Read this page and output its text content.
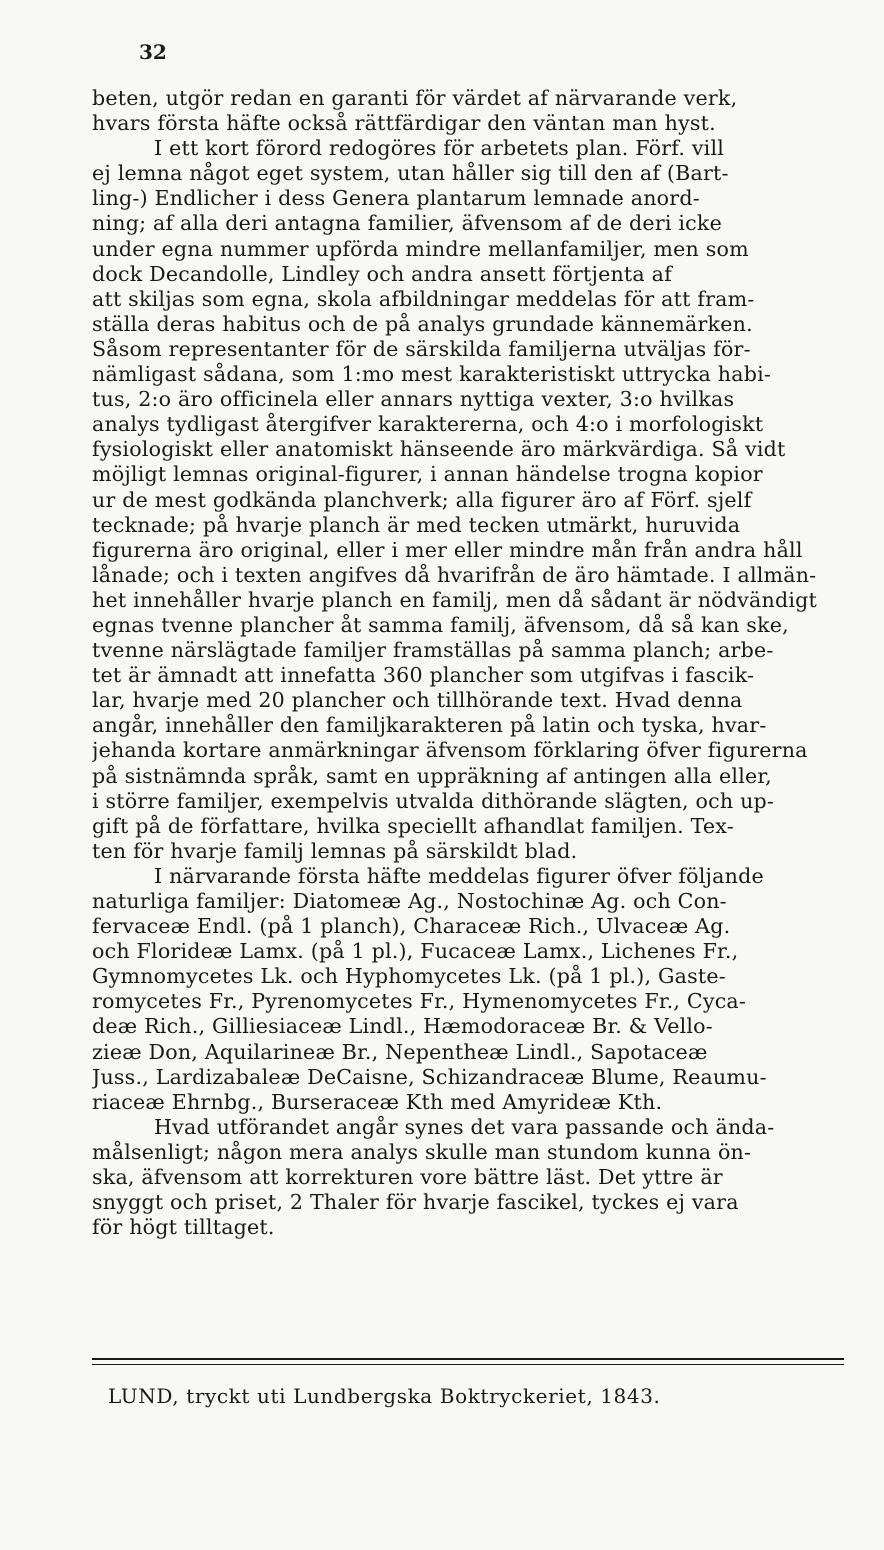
32
beten, utgör redan en garanti för värdet af närvarande verk,
hvars första häfte också rättfärdigar den väntan man hyst.
I ett kort förord redogöres för arbetets plan. Förf. vill
ej lemna något eget system, utan håller sig till den af (Bart-
ling-) Endlicher i dess Genera plantarum lemnade anord-
ning; af alla deri antagna familier, äfvensom af de deri icke
under egna nummer upförda mindre mellanfamiljer, men som
dock Decandolle, Lindley och andra ansett förtjenta af
att skiljas som egna, skola afbildningar meddelas för att fram-
ställa deras habitus och de på analys grundade kännemärken.
Såsom representanter för de särskilda familjerna utväljas för-
nämligast sådana, som 1:mo mest karakteristiskt uttrycka habi-
tus, 2:o äro officinela eller annars nyttiga vexter, 3:o hvilkas
analys tydligast återgifver karaktererna, och 4:o i morfologiskt
fysiologiskt eller anatomiskt hänseende äro märkvärdiga. Så vidt
möjligt lemnas original-figurer, i annan händelse trogna kopior
ur de mest godkända planchverk; alla figurer äro af Förf. sjelf
tecknade; på hvarje planch är med tecken utmärkt, huruvida
figurerna äro original, eller i mer eller mindre mån från andra håll
lånade; och i texten angifves då hvarifrån de äro hämtade. I allmän-
het innehåller hvarje planch en familj, men då sådant är nödvändigt
egnas tvenne plancher åt samma familj, äfvensom, då så kan ske,
tvenne närslägtade familjer framställas på samma planch; arbe-
tet är ämnadt att innefatta 360 plancher som utgifvas i fascik-
lar, hvarje med 20 plancher och tillhörande text. Hvad denna
angår, innehåller den familjkarakteren på latin och tyska, hvar-
jehanda kortare anmärkningar äfvensom förklaring öfver figurerna
på sistnämnda språk, samt en uppräkning af antingen alla eller,
i större familjer, exempelvis utvalda dithörande slägten, och up-
gift på de författare, hvilka speciellt afhandlat familjen. Tex-
ten för hvarje familj lemnas på särskildt blad.
I närvarande första häfte meddelas figurer öfver följande
naturliga familjer: Diatomeæ Ag., Nostochinæ Ag. och Con-
fervaceæ Endl. (på 1 planch), Characeæ Rich., Ulvaceæ Ag.
och Florideæ Lamx. (på 1 pl.), Fucaceæ Lamx., Lichenes Fr.,
Gymnomycetes Lk. och Hyphomycetes Lk. (på 1 pl.), Gaste-
romycetes Fr., Pyrenomycetes Fr., Hymenomycetes Fr., Cyca-
deæ Rich., Gilliesiaceæ Lindl., Hæmodoraceæ Br. & Vello-
zieæ Don, Aquilarineæ Br., Nepentheæ Lindl., Sapotaceæ
Juss., Lardizabaleæ DeCaisne, Schizandraceæ Blume, Reaumu-
riaceæ Ehrnbg., Burseraceæ Kth med Amyrideæ Kth.
Hvad utförandet angår synes det vara passande och ända-
målsenligt; någon mera analys skulle man stundom kunna ön-
ska, äfvensom att korrekturen vore bättre läst. Det yttre är
snyggt och priset, 2 Thaler för hvarje fascikel, tyckes ej vara
för högt tilltaget.
LUND, tryckt uti Lundbergska Boktryckeriet, 1843.
